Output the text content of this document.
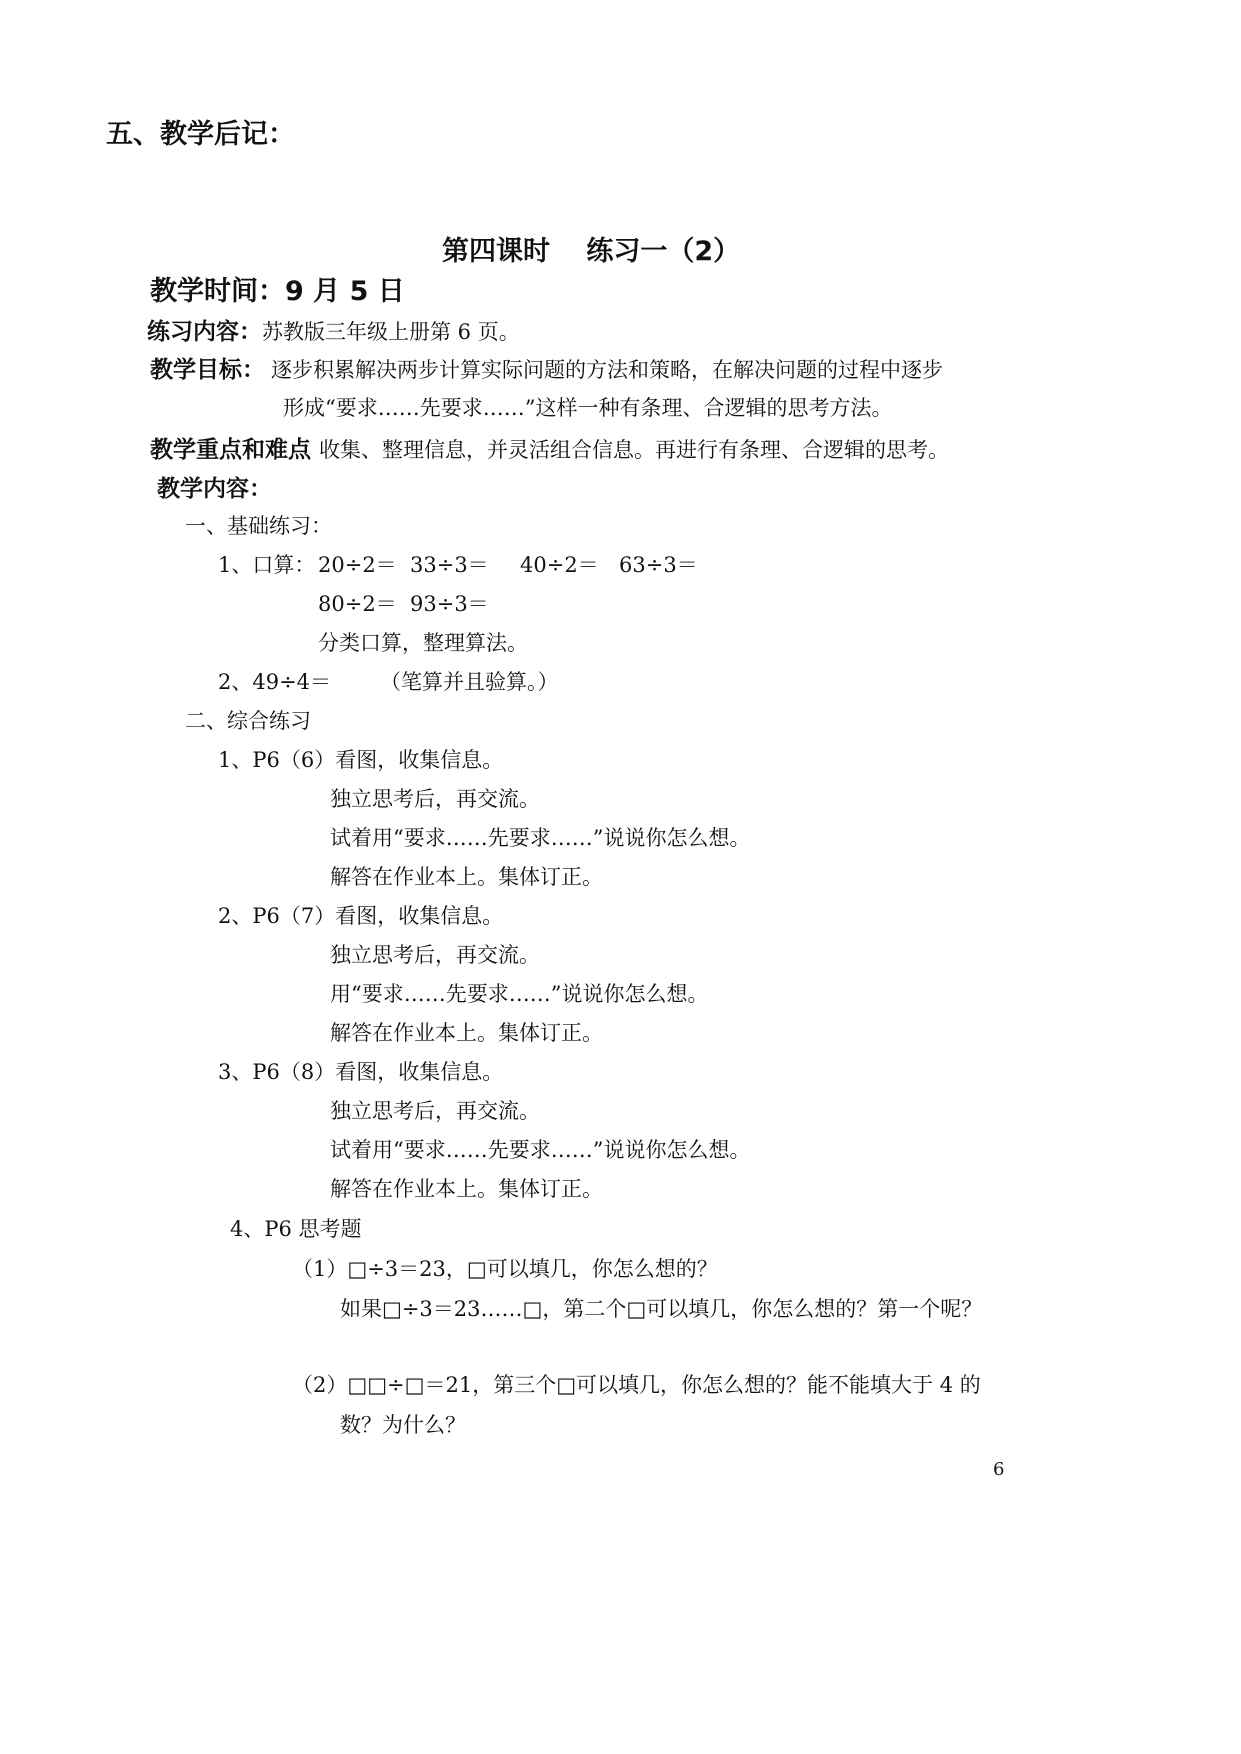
五、教学后记：
第四课时　 练习一（2）
教学时间：9 月 5 日
练习内容：苏教版三年级上册第 6 页。
教学目标： 逐步积累解决两步计算实际问题的方法和策略，在解决问题的过程中逐步
形成“要求……先要求……”这样一种有条理、合逻辑的思考方法。
教学重点和难点 收集、整理信息，并灵活组合信息。再进行有条理、合逻辑的思考。
教学内容：
一、基础练习：
1、口算： 20÷2＝ 33÷3＝ 40÷2＝ 63÷3＝
80÷2＝ 93÷3＝
分类口算，整理算法。
2、49÷4＝ （笔算并且验算。）
二、综合练习
1、P6（6）看图，收集信息。
独立思考后，再交流。
试着用“要求……先要求……”说说你怎么想。
解答在作业本上。集体订正。
2、P6（7）看图，收集信息。
独立思考后，再交流。
用“要求……先要求……”说说你怎么想。
解答在作业本上。集体订正。
3、P6（8）看图，收集信息。
独立思考后，再交流。
试着用“要求……先要求……”说说你怎么想。
解答在作业本上。集体订正。
4、P6 思考题
（1）□÷3＝23，□可以填几，你怎么想的？
如果□÷3＝23……□，第二个□可以填几，你怎么想的？第一个呢？
（2）□□÷□＝21，第三个□可以填几，你怎么想的？能不能填大于 4 的
数？为什么？
6
